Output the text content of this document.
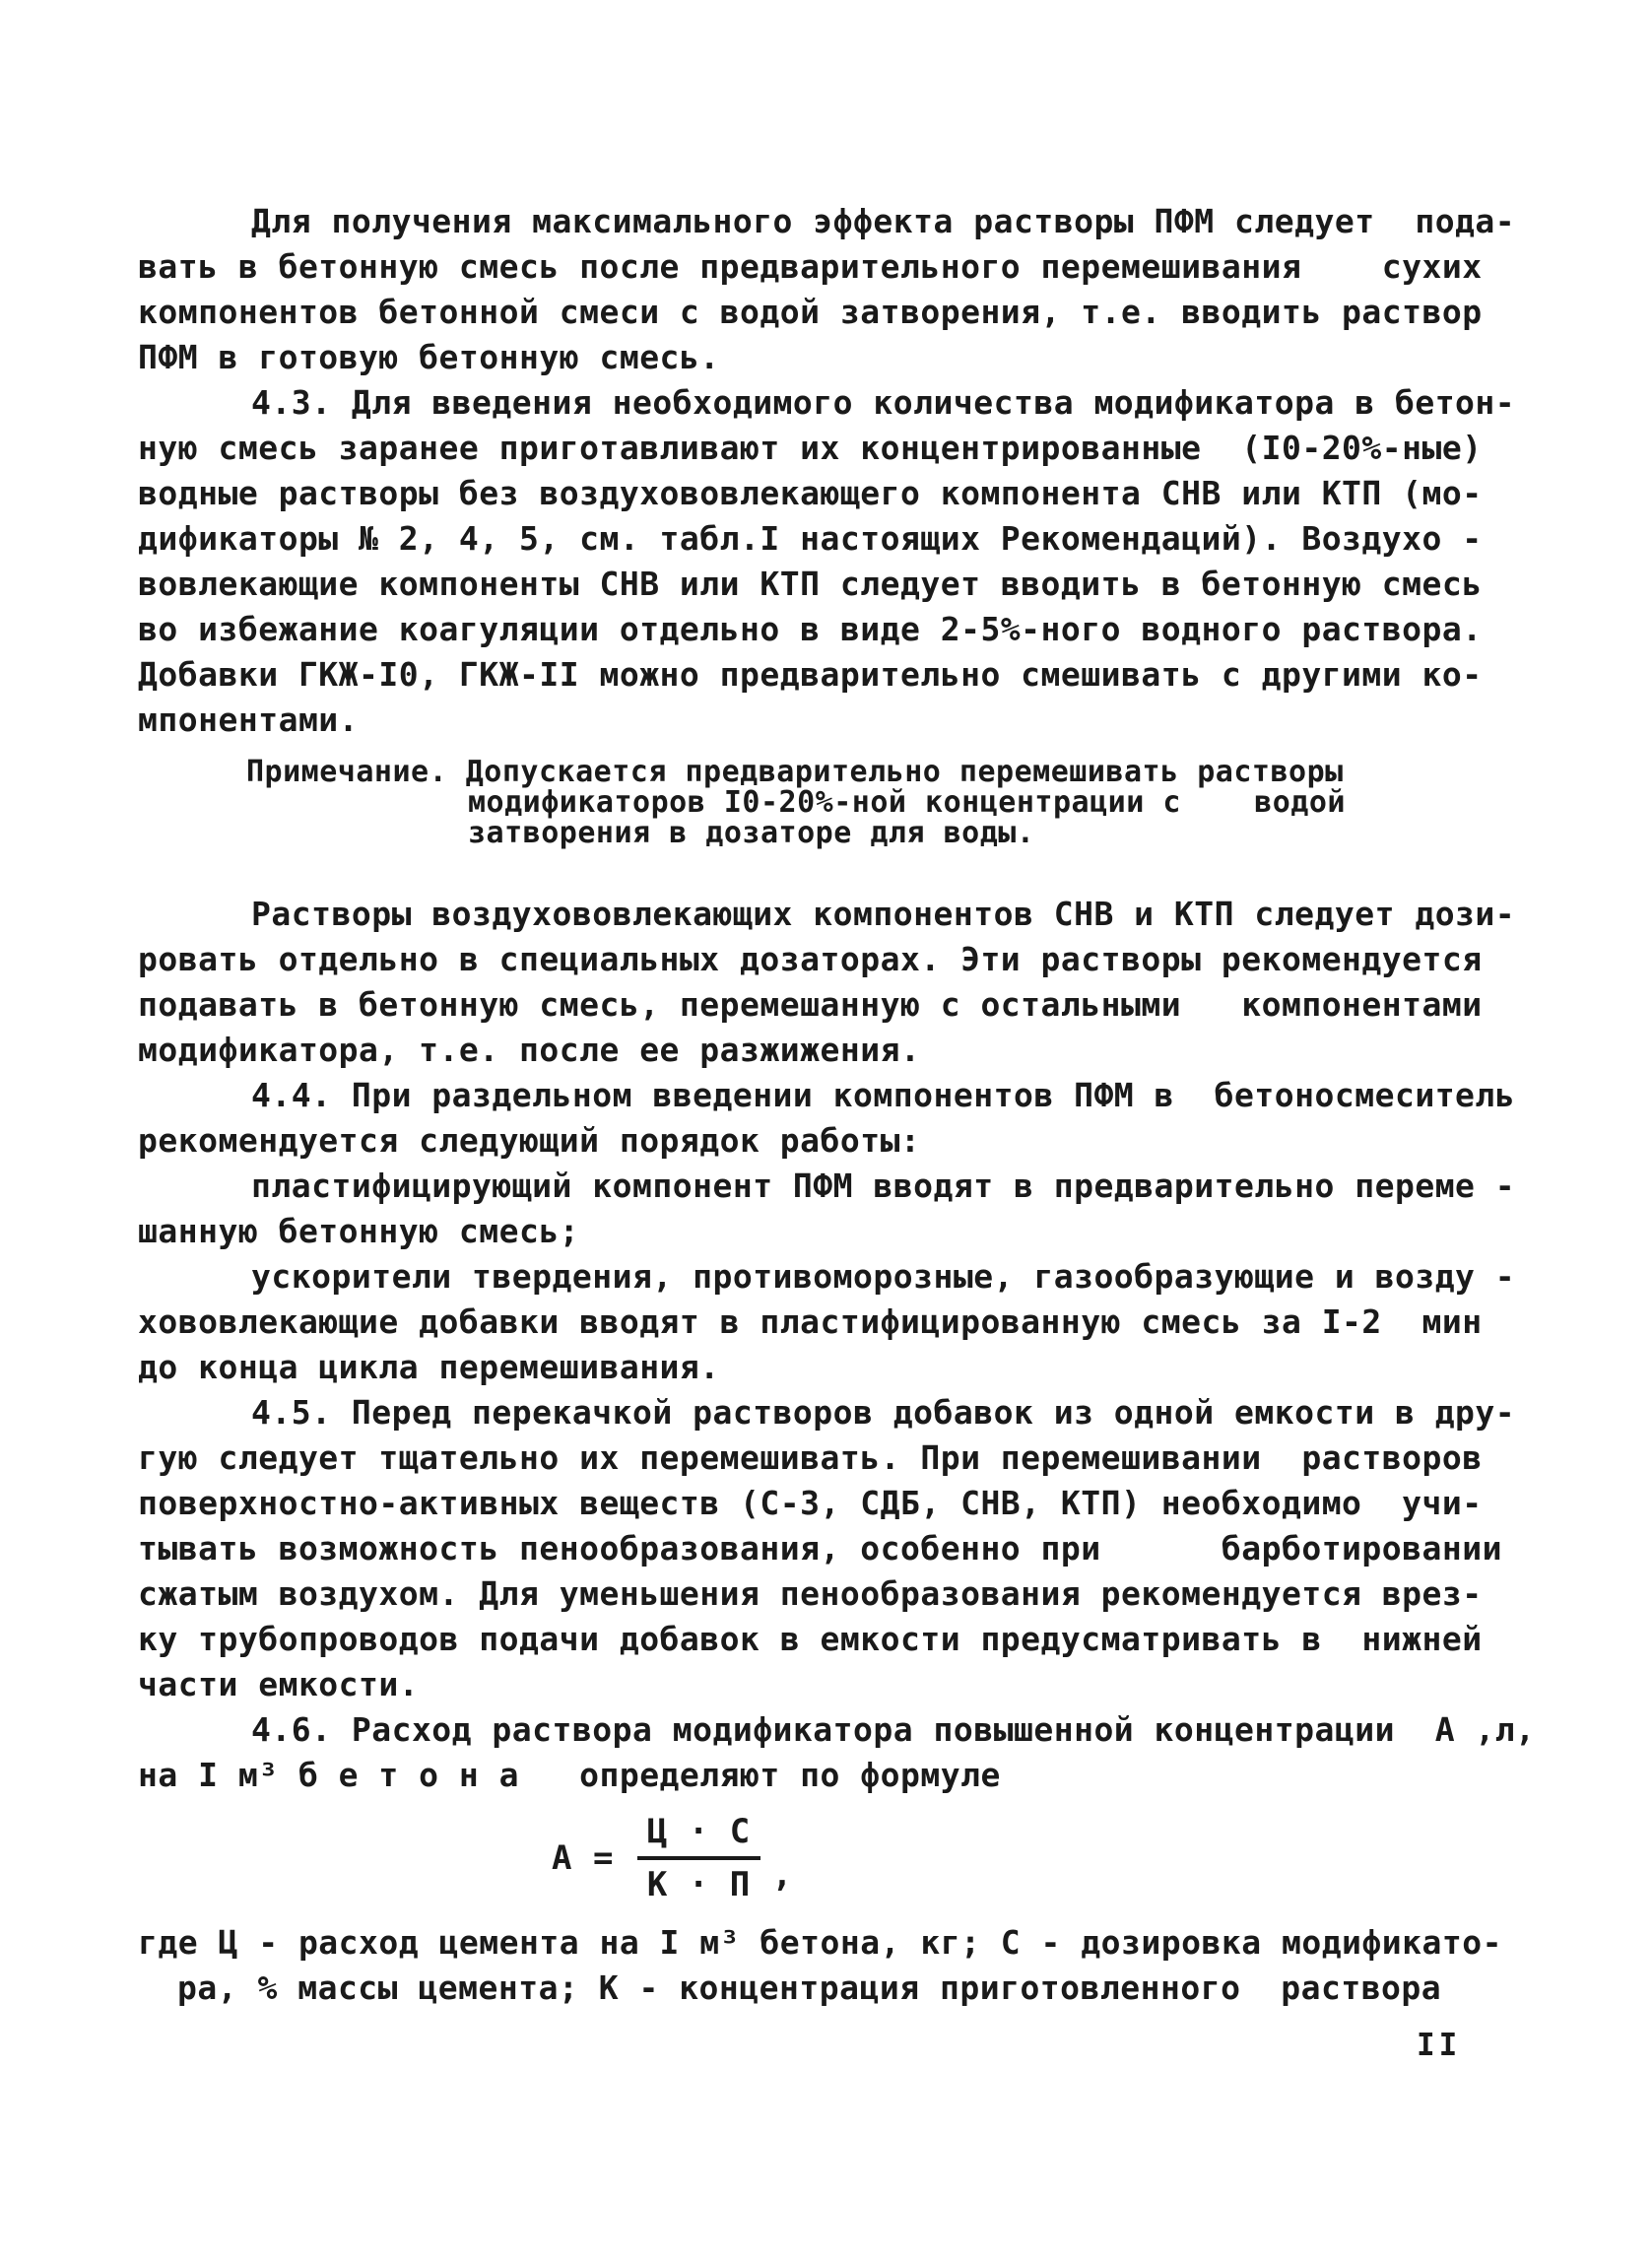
Для получения максимального эффекта растворы ПФМ следует  пода-
вать в бетонную смесь после предварительного перемешивания    сухих
компонентов бетонной смеси с водой затворения, т.е. вводить раствор
ПФМ в готовую бетонную смесь.
4.3. Для введения необходимого количества модификатора в бетон-
ную смесь заранее приготавливают их концентрированные  (I0-20%-ные)
водные растворы без воздухововлекающего компонента СНВ или КТП (мо-
дификаторы № 2, 4, 5, см. табл.I настоящих Рекомендаций). Воздухо -
вовлекающие компоненты СНВ или КТП следует вводить в бетонную смесь
во избежание коагуляции отдельно в виде 2-5%-ного водного раствора.
Добавки ГКЖ-I0, ГКЖ-II можно предварительно смешивать с другими ко-
мпонентами.
Примечание. Допускается предварительно перемешивать растворы
модификаторов I0-20%-ной концентрации с    водой
затворения в дозаторе для воды.
Растворы воздухововлекающих компонентов СНВ и КТП следует дози-
ровать отдельно в специальных дозаторах. Эти растворы рекомендуется
подавать в бетонную смесь, перемешанную с остальными   компонентами
модификатора, т.е. после ее разжижения.
4.4. При раздельном введении компонентов ПФМ в  бетоносмеситель
рекомендуется следующий порядок работы:
пластифицирующий компонент ПФМ вводят в предварительно переме -
шанную бетонную смесь;
ускорители твердения, противоморозные, газообразующие и возду -
хововлекающие добавки вводят в пластифицированную смесь за I-2  мин
до конца цикла перемешивания.
4.5. Перед перекачкой растворов добавок из одной емкости в дру-
гую следует тщательно их перемешивать. При перемешивании  растворов
поверхностно-активных веществ (С-3, СДБ, СНВ, КТП) необходимо  учи-
тывать возможность пенообразования, особенно при      барботировании
сжатым воздухом. Для уменьшения пенообразования рекомендуется врез-
ку трубопроводов подачи добавок в емкости предусматривать в  нижней
части емкости.
4.6. Расход раствора модификатора повышенной концентрации  А ,л,
на I м³ б е т о н а   определяют по формуле
$А = \frac{Ц \cdot С}{К \cdot П}$ ,
где Ц - расход цемента на I м³ бетона, кг; С - дозировка модификато-
ра, % массы цемента; К - концентрация приготовленного  раствора
II
